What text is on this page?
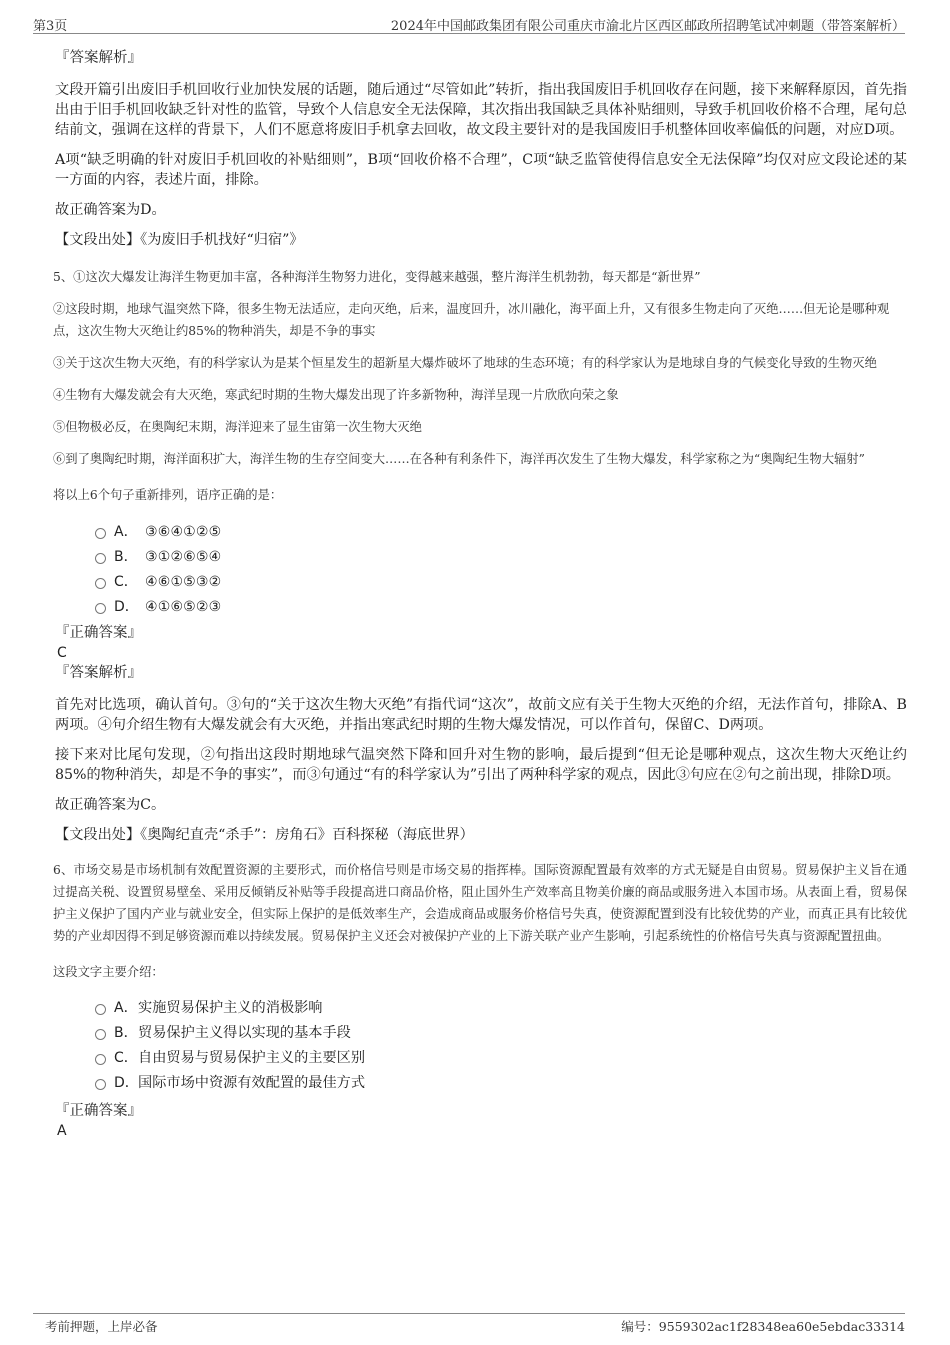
第3页	2024年中国邮政集团有限公司重庆市渝北片区西区邮政所招聘笔试冲刺题（带答案解析）

『答案解析』

文段开篇引出废旧手机回收行业加快发展的话题，随后通过“尽管如此”转折，指出我国废旧手机回收存在问题，接下来解释原因，首先指出由于旧手机回收缺乏针对性的监管，导致个人信息安全无法保障，其次指出我国缺乏具体补贴细则，导致手机回收价格不合理，尾句总结前文，强调在这样的背景下，人们不愿意将废旧手机拿去回收，故文段主要针对的是我国废旧手机整体回收率偏低的问题，对应D项。

A项“缺乏明确的针对废旧手机回收的补贴细则”，B项“回收价格不合理”，C项“缺乏监管使得信息安全无法保障”均仅对应文段论述的某一方面的内容，表述片面，排除。

故正确答案为D。

【文段出处】《为废旧手机找好“归宿”》

5、①这次大爆发让海洋生物更加丰富，各种海洋生物努力进化，变得越来越强，整片海洋生机勃勃，每天都是“新世界”

②这段时期，地球气温突然下降，很多生物无法适应，走向灭绝，后来，温度回升，冰川融化，海平面上升，又有很多生物走向了灭绝……但无论是哪种观点，这次生物大灭绝让约85%的物种消失，却是不争的事实

③关于这次生物大灭绝，有的科学家认为是某个恒星发生的超新星大爆炸破坏了地球的生态环境；有的科学家认为是地球自身的气候变化导致的生物灭绝

④生物有大爆发就会有大灭绝，寒武纪时期的生物大爆发出现了许多新物种，海洋呈现一片欣欣向荣之象

⑤但物极必反，在奥陶纪末期，海洋迎来了显生宙第一次生物大灭绝

⑥到了奥陶纪时期，海洋面积扩大，海洋生物的生存空间变大……在各种有利条件下，海洋再次发生了生物大爆发，科学家称之为“奥陶纪生物大辐射”

将以上6个句子重新排列，语序正确的是：

A． ③⑥④①②⑤
B． ③①②⑥⑤④
C． ④⑥①⑤③②
D． ④①⑥⑤②③

『正确答案』

C

『答案解析』

首先对比选项，确认首句。③句的“关于这次生物大灭绝”有指代词“这次”，故前文应有关于生物大灭绝的介绍，无法作首句，排除A、B两项。④句介绍生物有大爆发就会有大灭绝，并指出寒武纪时期的生物大爆发情况，可以作首句，保留C、D两项。

接下来对比尾句发现，②句指出这段时期地球气温突然下降和回升对生物的影响，最后提到“但无论是哪种观点，这次生物大灭绝让约85%的物种消失，却是不争的事实”，而③句通过“有的科学家认为”引出了两种科学家的观点，因此③句应在②句之前出现，排除D项。

故正确答案为C。

【文段出处】《奥陶纪直壳“杀手”：房角石》百科探秘（海底世界）

6、市场交易是市场机制有效配置资源的主要形式，而价格信号则是市场交易的指挥棒。国际资源配置最有效率的方式无疑是自由贸易。贸易保护主义旨在通过提高关税、设置贸易壁垒、采用反倾销反补贴等手段提高进口商品价格，阻止国外生产效率高且物美价廉的商品或服务进入本国市场。从表面上看，贸易保护主义保护了国内产业与就业安全，但实际上保护的是低效率生产，会造成商品或服务价格信号失真，使资源配置到没有比较优势的产业，而真正具有比较优势的产业却因得不到足够资源而难以持续发展。贸易保护主义还会对被保护产业的上下游关联产业产生影响，引起系统性的价格信号失真与资源配置扭曲。

这段文字主要介绍：

A． 实施贸易保护主义的消极影响
B． 贸易保护主义得以实现的基本手段
C． 自由贸易与贸易保护主义的主要区别
D． 国际市场中资源有效配置的最佳方式

『正确答案』

A

考前押题，上岸必备	编号：9559302ac1f28348ea60e5ebdac33314
